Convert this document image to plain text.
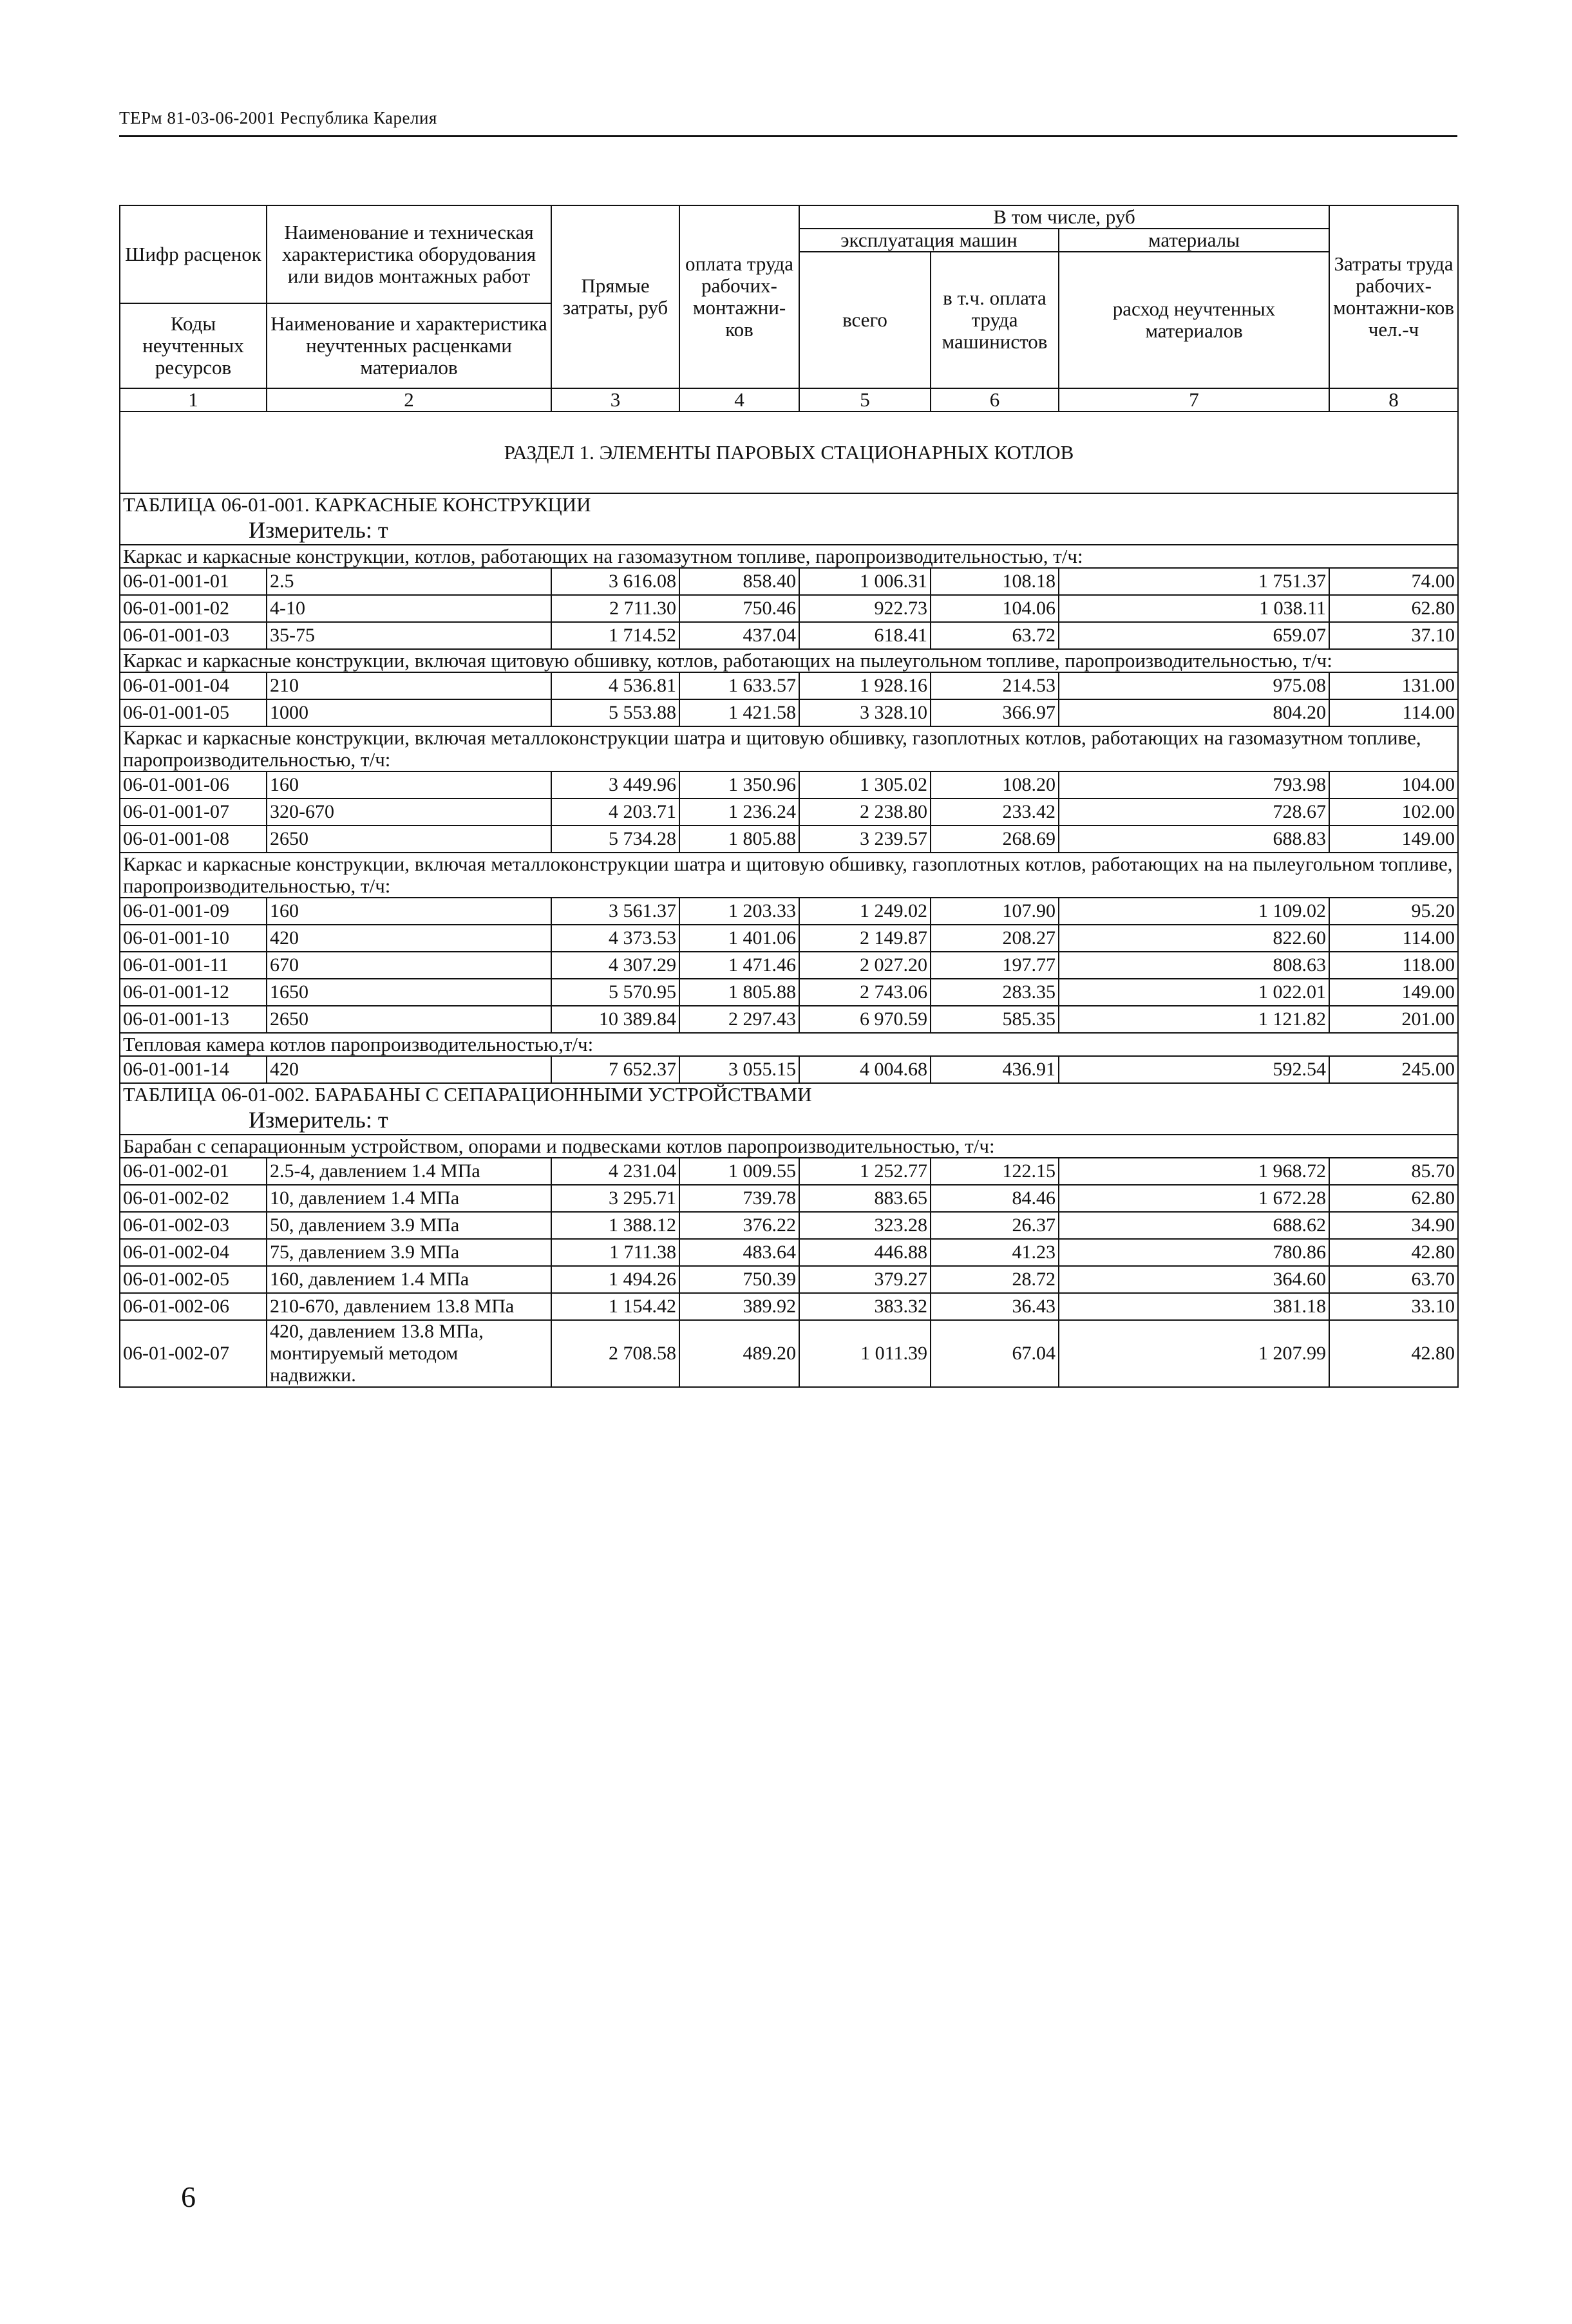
ТЕРм 81-03-06-2001 Республика Карелия
Шифр расценок	Наименование и техническая характеристика оборудования или видов монтажных работ	Прямые затраты, руб	оплата труда рабочих-монтажни-ков	В том числе, руб			Затраты труда рабочих-монтажни-ков чел.-ч	
				эксплуатация машин		материалы		
				всего	в т.ч. оплата труда машинистов	расход неучтенных материалов		
Коды неучтенных ресурсов	Наименование и характеристика неучтенных расценками материалов							

1	2	3	4	5	6	7	8	
РАЗДЕЛ 1. ЭЛЕМЕНТЫ ПАРОВЫХ СТАЦИОНАРНЫХ КОТЛОВ								
ТАБЛИЦА 06-01-001. КАРКАСНЫЕ КОНСТРУКЦИИ
Измеритель: т								

Каркас и каркасные конструкции, котлов, работающих на газомазутном топливе, паропроизводительностью, т/ч:								
06-01-001-01	2.5	3 616.08	858.40	1 006.31	108.18	1 751.37	74.00	
06-01-001-02	4-10	2 711.30	750.46	922.73	104.06	1 038.11	62.80	
06-01-001-03	35-75	1 714.52	437.04	618.41	63.72	659.07	37.10	
Каркас и каркасные конструкции, включая щитовую обшивку, котлов, работающих на пылеугольном топливе, паропроизводительностью, т/ч:								
06-01-001-04	210	4 536.81	1 633.57	1 928.16	214.53	975.08	131.00	
06-01-001-05	1000	5 553.88	1 421.58	3 328.10	366.97	804.20	114.00	
Каркас и каркасные конструкции, включая металлоконструкции шатра и щитовую обшивку, газоплотных котлов, работающих на газомазутном топливе, паропроизводительностью, т/ч:								
06-01-001-06	160	3 449.96	1 350.96	1 305.02	108.20	793.98	104.00	
06-01-001-07	320-670	4 203.71	1 236.24	2 238.80	233.42	728.67	102.00	
06-01-001-08	2650	5 734.28	1 805.88	3 239.57	268.69	688.83	149.00	
Каркас и каркасные конструкции, включая металлоконструкции шатра и щитовую обшивку, газоплотных котлов, работающих на на пылеугольном топливе, паропроизводительностью, т/ч:								
06-01-001-09	160	3 561.37	1 203.33	1 249.02	107.90	1 109.02	95.20	
06-01-001-10	420	4 373.53	1 401.06	2 149.87	208.27	822.60	114.00	
06-01-001-11	670	4 307.29	1 471.46	2 027.20	197.77	808.63	118.00	
06-01-001-12	1650	5 570.95	1 805.88	2 743.06	283.35	1 022.01	149.00	
06-01-001-13	2650	10 389.84	2 297.43	6 970.59	585.35	1 121.82	201.00	
Тепловая камера котлов паропроизводительностью,т/ч:								
06-01-001-14	420	7 652.37	3 055.15	4 004.68	436.91	592.54	245.00	
ТАБЛИЦА 06-01-002. БАРАБАНЫ С СЕПАРАЦИОННЫМИ УСТРОЙСТВАМИ
Измеритель: т								

Барабан с сепарационным устройством, опорами и подвесками котлов паропроизводительностью, т/ч:								
06-01-002-01	2.5-4, давлением 1.4 МПа	4 231.04	1 009.55	1 252.77	122.15	1 968.72	85.70	
06-01-002-02	10, давлением 1.4 МПа	3 295.71	739.78	883.65	84.46	1 672.28	62.80	
06-01-002-03	50, давлением 3.9 МПа	1 388.12	376.22	323.28	26.37	688.62	34.90	
06-01-002-04	75, давлением 3.9 МПа	1 711.38	483.64	446.88	41.23	780.86	42.80	
06-01-002-05	160, давлением 1.4 МПа	1 494.26	750.39	379.27	28.72	364.60	63.70	
06-01-002-06	210-670, давлением 13.8 МПа	1 154.42	389.92	383.32	36.43	381.18	33.10	
06-01-002-07	420, давлением 13.8 МПа, монтируемый методом надвижки.	2 708.58	489.20	1 011.39	67.04	1 207.99	42.80	
6
